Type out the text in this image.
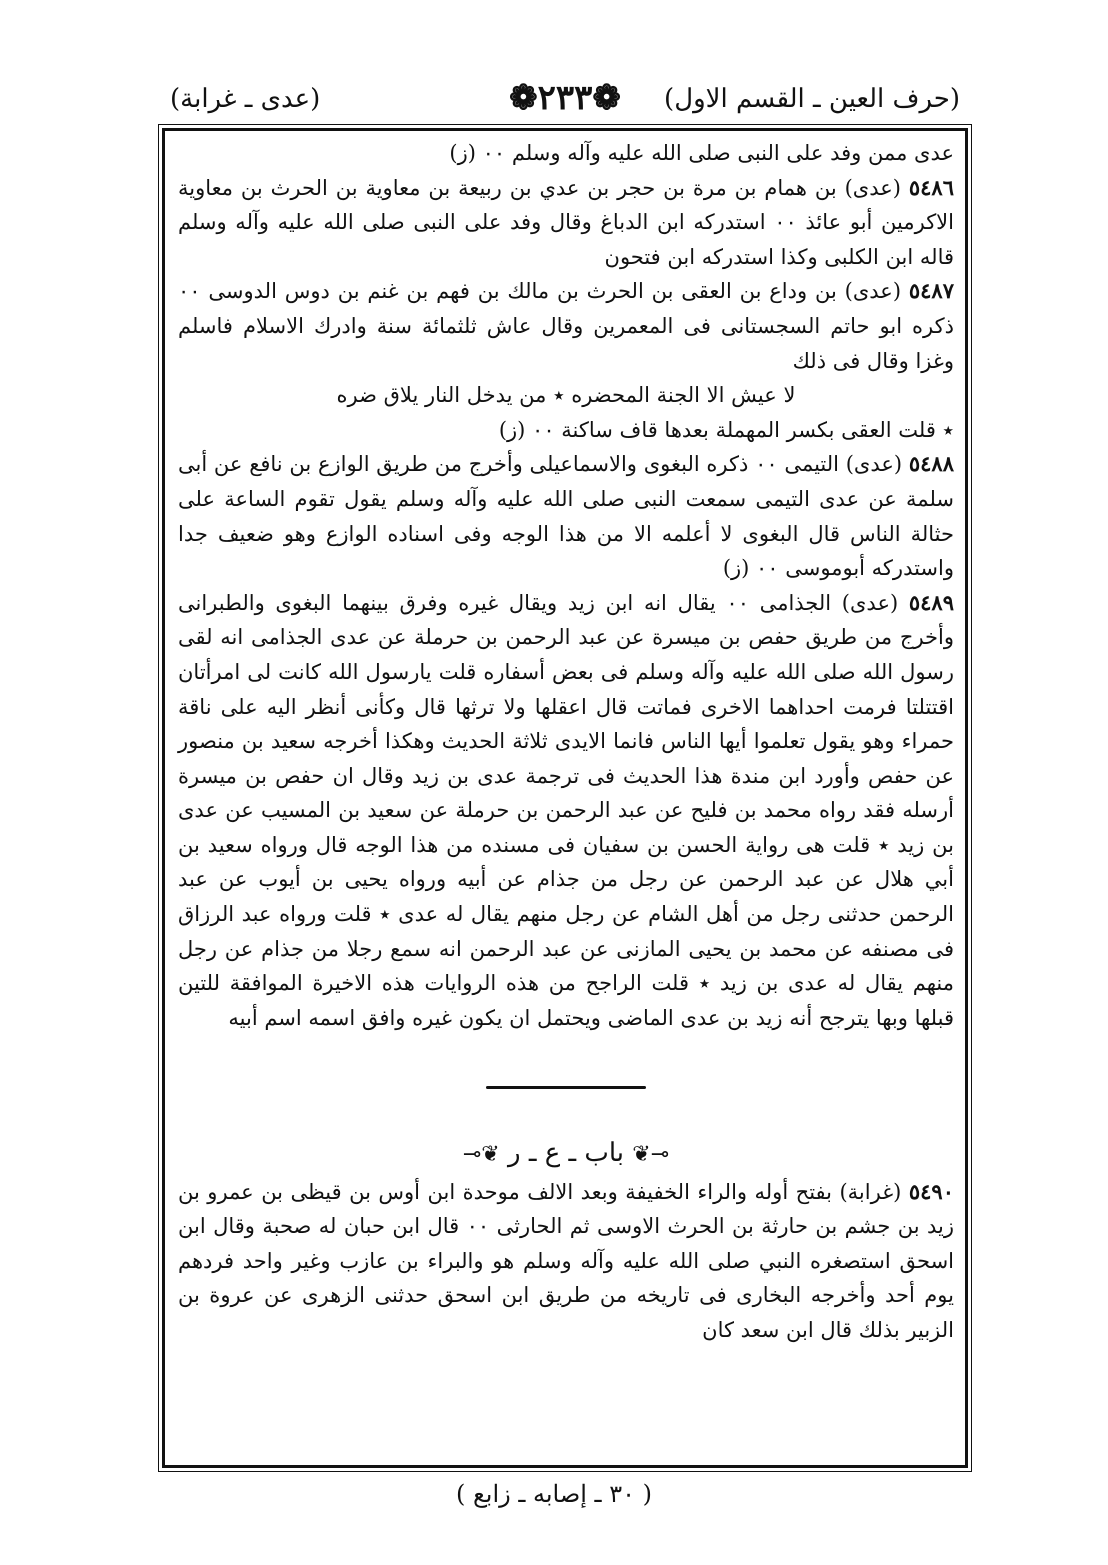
(حرف العين ـ القسم الاول)
❁٢٣٣❁
(عدى ـ غرابة)

عدى ممن وفد على النبى صلى الله عليه وآله وسلم ٠٠ (ز)

٥٤٨٦ (عدى) بن همام بن مرة بن حجر بن عدي بن ربيعة بن معاوية بن الحرث بن معاوية الاكرمين أبو عائذ ٠٠ استدركه ابن الدباغ وقال وفد على النبى صلى الله عليه وآله وسلم قاله ابن الكلبى وكذا استدركه ابن فتحون

٥٤٨٧ (عدى) بن وداع بن العقى بن الحرث بن مالك بن فهم بن غنم بن دوس الدوسى ٠٠ ذكره ابو حاتم السجستانى فى المعمرين وقال عاش ثلثمائة سنة وادرك الاسلام فاسلم وغزا وقال فى ذلك

لا عيش الا الجنة المحضره ٭ من يدخل النار يلاق ضره

٭ قلت العقى بكسر المهملة بعدها قاف ساكنة ٠٠ (ز)

٥٤٨٨ (عدى) التيمى ٠٠ ذكره البغوى والاسماعيلى وأخرج من طريق الوازع بن نافع عن أبى سلمة عن عدى التيمى سمعت النبى صلى الله عليه وآله وسلم يقول تقوم الساعة على حثالة الناس قال البغوى لا أعلمه الا من هذا الوجه وفى اسناده الوازع وهو ضعيف جدا واستدركه أبوموسى ٠٠ (ز)

٥٤٨٩ (عدى) الجذامى ٠٠ يقال انه ابن زيد ويقال غيره وفرق بينهما البغوى والطبرانى وأخرج من طريق حفص بن ميسرة عن عبد الرحمن بن حرملة عن عدى الجذامى انه لقى رسول الله صلى الله عليه وآله وسلم فى بعض أسفاره قلت يارسول الله كانت لى امرأتان اقتتلتا فرمت احداهما الاخرى فماتت قال اعقلها ولا ترثها قال وكأنى أنظر اليه على ناقة حمراء وهو يقول تعلموا أيها الناس فانما الايدى ثلاثة الحديث وهكذا أخرجه سعيد بن منصور عن حفص وأورد ابن مندة هذا الحديث فى ترجمة عدى بن زيد وقال ان حفص بن ميسرة أرسله فقد رواه محمد بن فليح عن عبد الرحمن بن حرملة عن سعيد بن المسيب عن عدى بن زيد ٭ قلت هى رواية الحسن بن سفيان فى مسنده من هذا الوجه قال ورواه سعيد بن أبي هلال عن عبد الرحمن عن رجل من جذام عن أبيه ورواه يحيى بن أيوب عن عبد الرحمن حدثنى رجل من أهل الشام عن رجل منهم يقال له عدى ٭ قلت ورواه عبد الرزاق فى مصنفه عن محمد بن يحيى المازنى عن عبد الرحمن انه سمع رجلا من جذام عن رجل منهم يقال له عدى بن زيد ٭ قلت الراجح من هذه الروايات هذه الاخيرة الموافقة للتين قبلها وبها يترجح أنه زيد بن عدى الماضى ويحتمل ان يكون غيره وافق اسمه اسم أبيه

⊸❦ باب ـ ع ـ ر ❦⊸

٥٤٩٠ (غرابة) بفتح أوله والراء الخفيفة وبعد الالف موحدة ابن أوس بن قيظى بن عمرو بن زيد بن جشم بن حارثة بن الحرث الاوسى ثم الحارثى ٠٠ قال ابن حبان له صحبة وقال ابن اسحق استصغره النبي صلى الله عليه وآله وسلم هو والبراء بن عازب وغير واحد فردهم يوم أحد وأخرجه البخارى فى تاريخه من طريق ابن اسحق حدثنى الزهرى عن عروة بن الزبير بذلك قال ابن سعد كان

( ٣٠ ـ إصابه ـ زابع )
